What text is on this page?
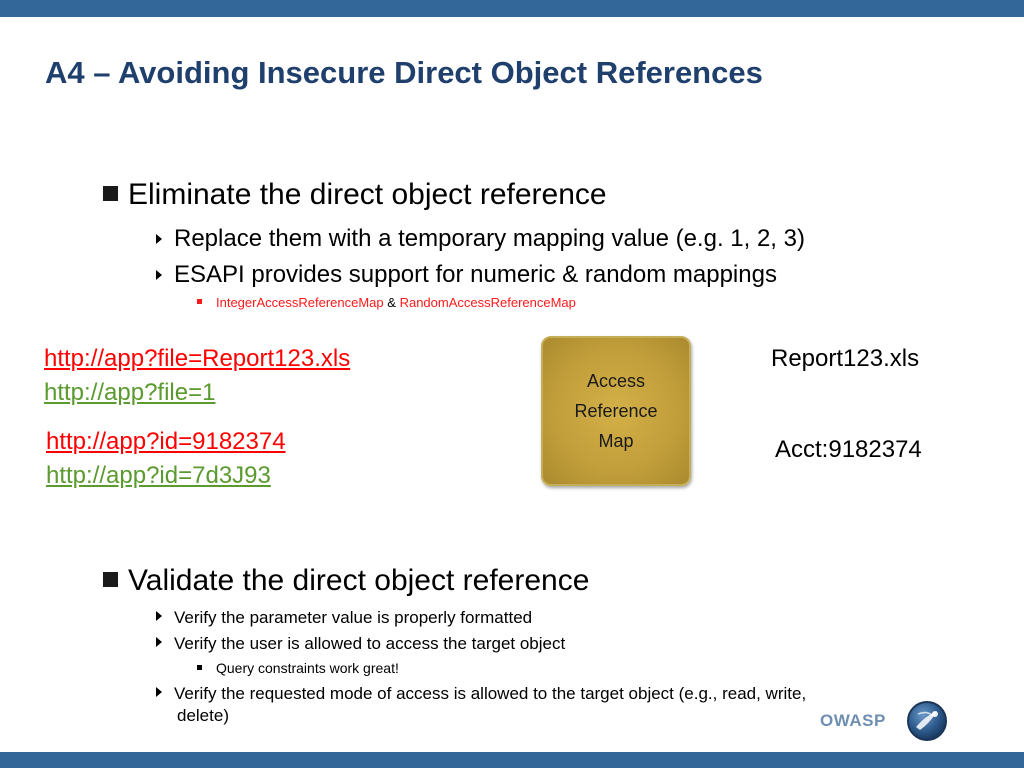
A4 – Avoiding Insecure Direct Object References
Eliminate the direct object reference
Replace them with a temporary mapping value (e.g. 1, 2, 3)
ESAPI provides support for numeric & random mappings
IntegerAccessReferenceMap & RandomAccessReferenceMap
http://app?file=Report123.xls
http://app?file=1
http://app?id=9182374
http://app?id=7d3J93
Access
Reference
Map
Report123.xls
Acct:9182374
Validate the direct object reference
Verify the parameter value is properly formatted
Verify the user is allowed to access the target object
Query constraints work great!
Verify the requested mode of access is allowed to the target object (e.g., read, write,
delete)	OWASP
